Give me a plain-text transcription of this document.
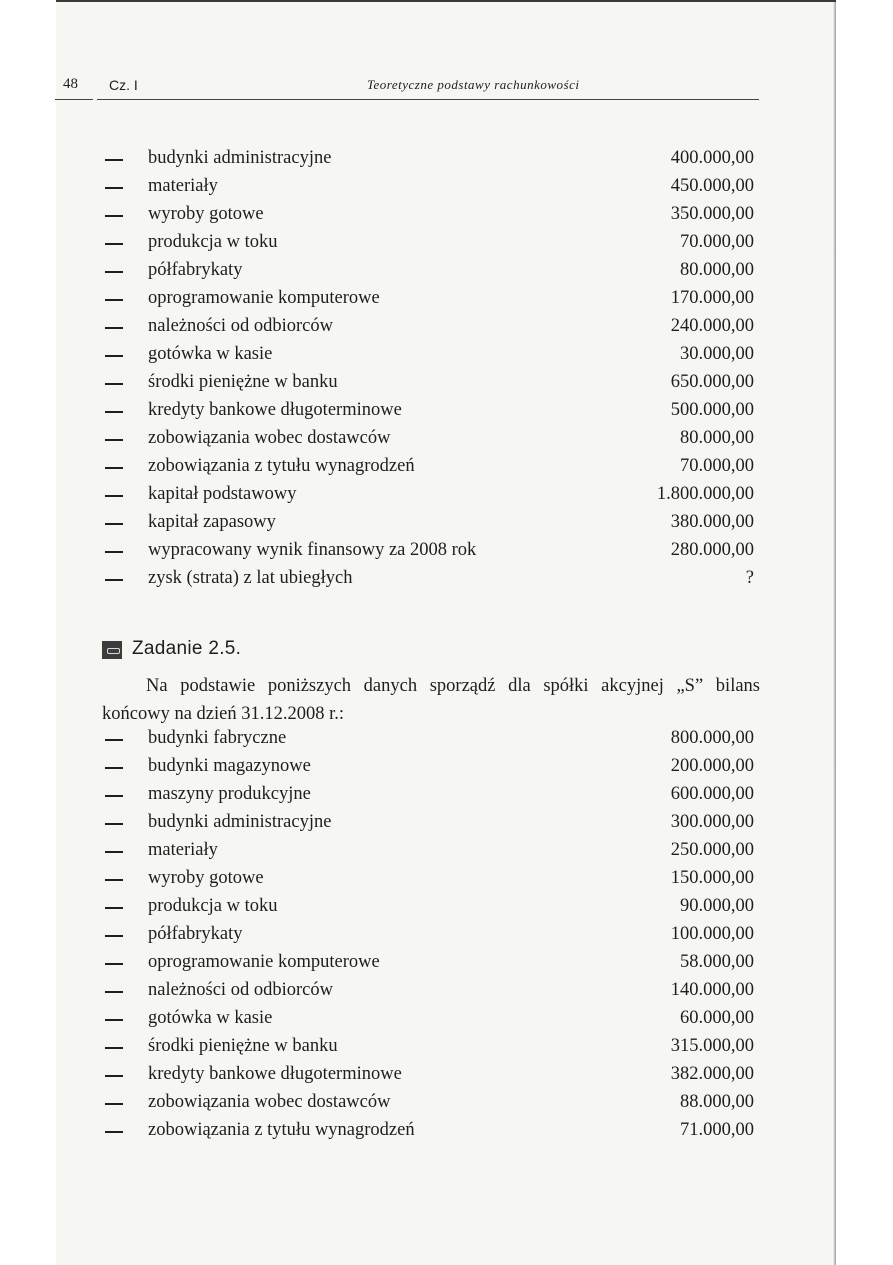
48 Cz. I	Teoretyczne podstawy rachunkowości
budynki administracyjne	400.000,00
materiały	450.000,00
wyroby gotowe	350.000,00
produkcja w toku	70.000,00
półfabrykaty	80.000,00
oprogramowanie komputerowe	170.000,00
należności od odbiorców	240.000,00
gotówka w kasie	30.000,00
środki pieniężne w banku	650.000,00
kredyty bankowe długoterminowe	500.000,00
zobowiązania wobec dostawców	80.000,00
zobowiązania z tytułu wynagrodzeń	70.000,00
kapitał podstawowy	1.800.000,00
kapitał zapasowy	380.000,00
wypracowany wynik finansowy za 2008 rok	280.000,00
zysk (strata) z lat ubiegłych	?
Zadanie 2.5.

Na podstawie poniższych danych sporządź dla spółki akcyjnej „S” bilans końcowy na dzień 31.12.2008 r.:

budynki fabryczne	800.000,00
budynki magazynowe	200.000,00
maszyny produkcyjne	600.000,00
budynki administracyjne	300.000,00
materiały	250.000,00
wyroby gotowe	150.000,00
produkcja w toku	90.000,00
półfabrykaty	100.000,00
oprogramowanie komputerowe	58.000,00
należności od odbiorców	140.000,00
gotówka w kasie	60.000,00
środki pieniężne w banku	315.000,00
kredyty bankowe długoterminowe	382.000,00
zobowiązania wobec dostawców	88.000,00
zobowiązania z tytułu wynagrodzeń	71.000,00
